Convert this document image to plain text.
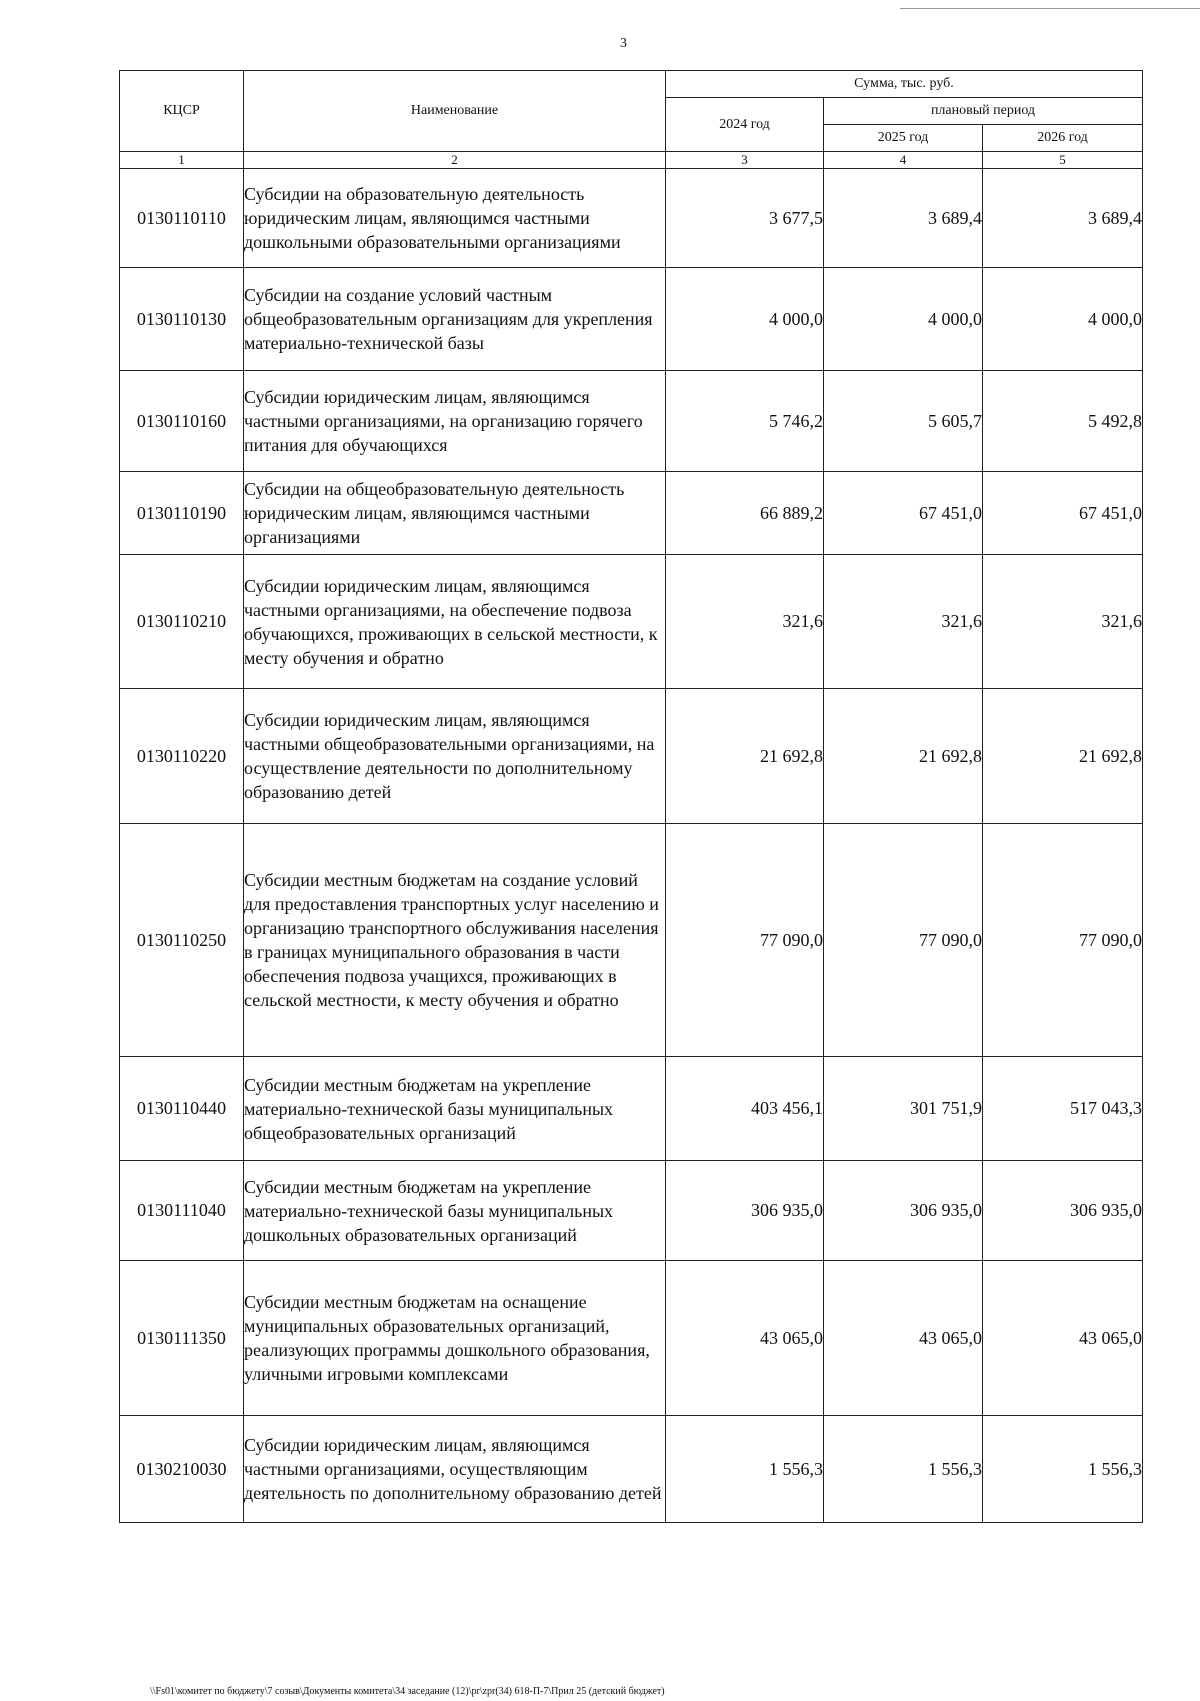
3
КЦСР	Наименование	Сумма, тыс. руб.		
		2024 год	плановый период	
			2025 год	2026 год
1	2	3	4	5
0130110110	Субсидии на образовательную деятельность юридическим лицам, являющимся частными дошкольными образовательными организациями	3 677,5	3 689,4	3 689,4
0130110130	Субсидии на создание условий частным общеобразовательным организациям для укрепления материально-технической базы	4 000,0	4 000,0	4 000,0
0130110160	Субсидии юридическим лицам, являющимся частными организациями, на организацию горячего питания для обучающихся	5 746,2	5 605,7	5 492,8
0130110190	Субсидии на общеобразовательную деятельность юридическим лицам, являющимся частными организациями	66 889,2	67 451,0	67 451,0
0130110210	Субсидии юридическим лицам, являющимся частными организациями, на обеспечение подвоза обучающихся, проживающих в сельской местности, к месту обучения и обратно	321,6	321,6	321,6
0130110220	Субсидии юридическим лицам, являющимся частными общеобразовательными организациями, на осуществление деятельности по дополнительному образованию детей	21 692,8	21 692,8	21 692,8
0130110250	Субсидии местным бюджетам на создание условий для предоставления транспортных услуг населению и организацию транспортного обслуживания населения в границах муниципального образования в части обеспечения подвоза учащихся, проживающих в сельской местности, к месту обучения и обратно	77 090,0	77 090,0	77 090,0
0130110440	Субсидии местным бюджетам на укрепление материально-технической базы муниципальных общеобразовательных организаций	403 456,1	301 751,9	517 043,3
0130111040	Субсидии местным бюджетам на укрепление материально-технической базы муниципальных дошкольных образовательных организаций	306 935,0	306 935,0	306 935,0
0130111350	Субсидии местным бюджетам на оснащение муниципальных образовательных организаций, реализующих программы дошкольного образования, уличными игровыми комплексами	43 065,0	43 065,0	43 065,0
0130210030	Субсидии юридическим лицам, являющимся частными организациями, осуществляющим деятельность по дополнительному образованию детей	1 556,3	1 556,3	1 556,3
\\Fs01\комитет по бюджету\7 созыв\Документы комитета\34 заседание (12)\pr\zpr(34) 618-П-7\Прил 25 (детский бюджет)
